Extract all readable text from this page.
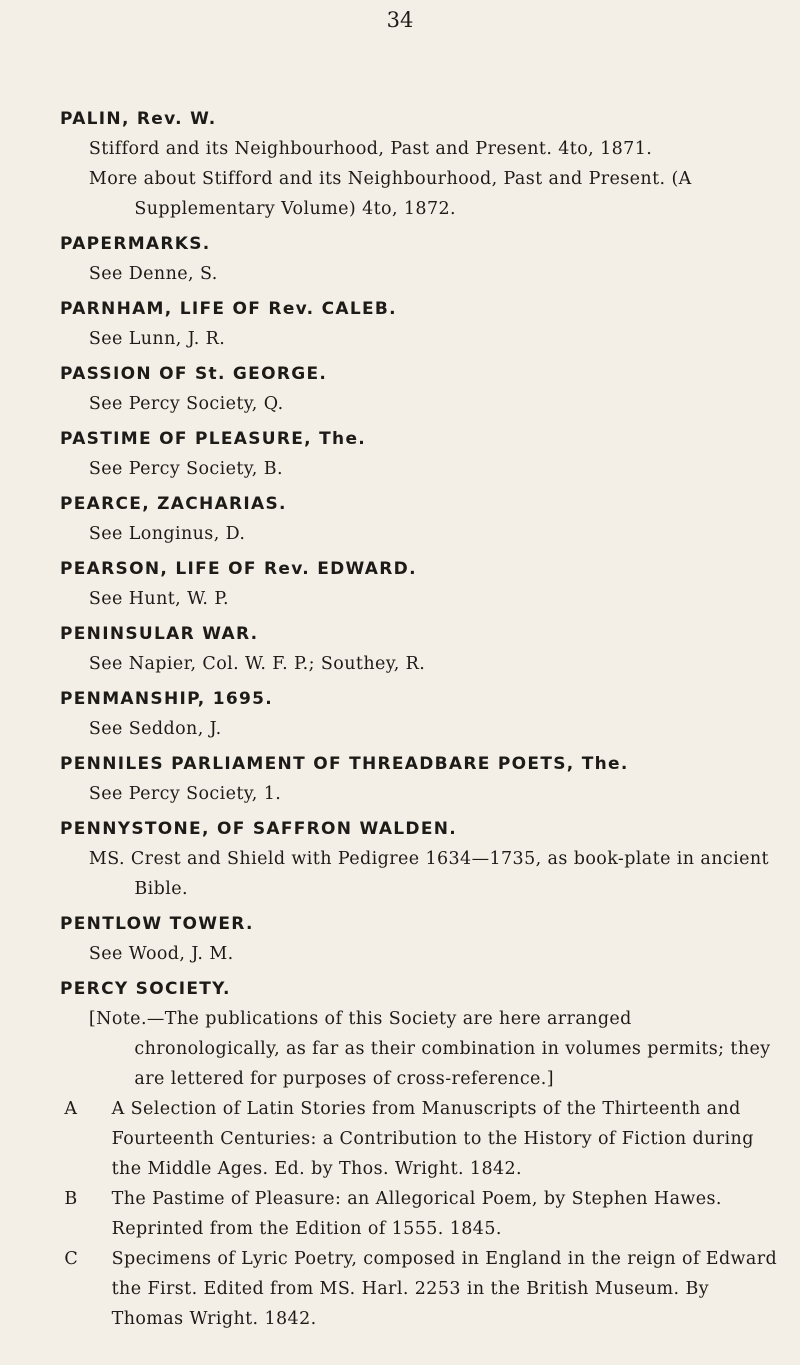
34

PALIN, Rev. W.

Stifford and its Neighbourhood, Past and Present. 4to, 1871.

More about Stifford and its Neighbourhood, Past and Present. (A Supplementary Volume) 4to, 1872.

PAPERMARKS.

See Denne, S.

PARNHAM, LIFE OF Rev. CALEB.

See Lunn, J. R.

PASSION OF St. GEORGE.

See Percy Society, Q.

PASTIME OF PLEASURE, The.

See Percy Society, B.

PEARCE, ZACHARIAS.

See Longinus, D.

PEARSON, LIFE OF Rev. EDWARD.

See Hunt, W. P.

PENINSULAR WAR.

See Napier, Col. W. F. P.; Southey, R.

PENMANSHIP, 1695.

See Seddon, J.

PENNILES PARLIAMENT OF THREADBARE POETS, The.

See Percy Society, 1.

PENNYSTONE, OF SAFFRON WALDEN.

MS. Crest and Shield with Pedigree 1634—1735, as book-plate in ancient Bible.

PENTLOW TOWER.

See Wood, J. M.

PERCY SOCIETY.

[Note.—The publications of this Society are here arranged chronologically, as far as their combination in volumes permits; they are lettered for purposes of cross-reference.]

A	A Selection of Latin Stories from Manuscripts of the Thirteenth and Fourteenth Centuries: a Contribution to the History of Fiction during the Middle Ages. Ed. by Thos. Wright. 1842.
B	The Pastime of Pleasure: an Allegorical Poem, by Stephen Hawes. Reprinted from the Edition of 1555. 1845.
C	Specimens of Lyric Poetry, composed in England in the reign of Edward the First. Edited from MS. Harl. 2253 in the British Museum. By Thomas Wright. 1842.
